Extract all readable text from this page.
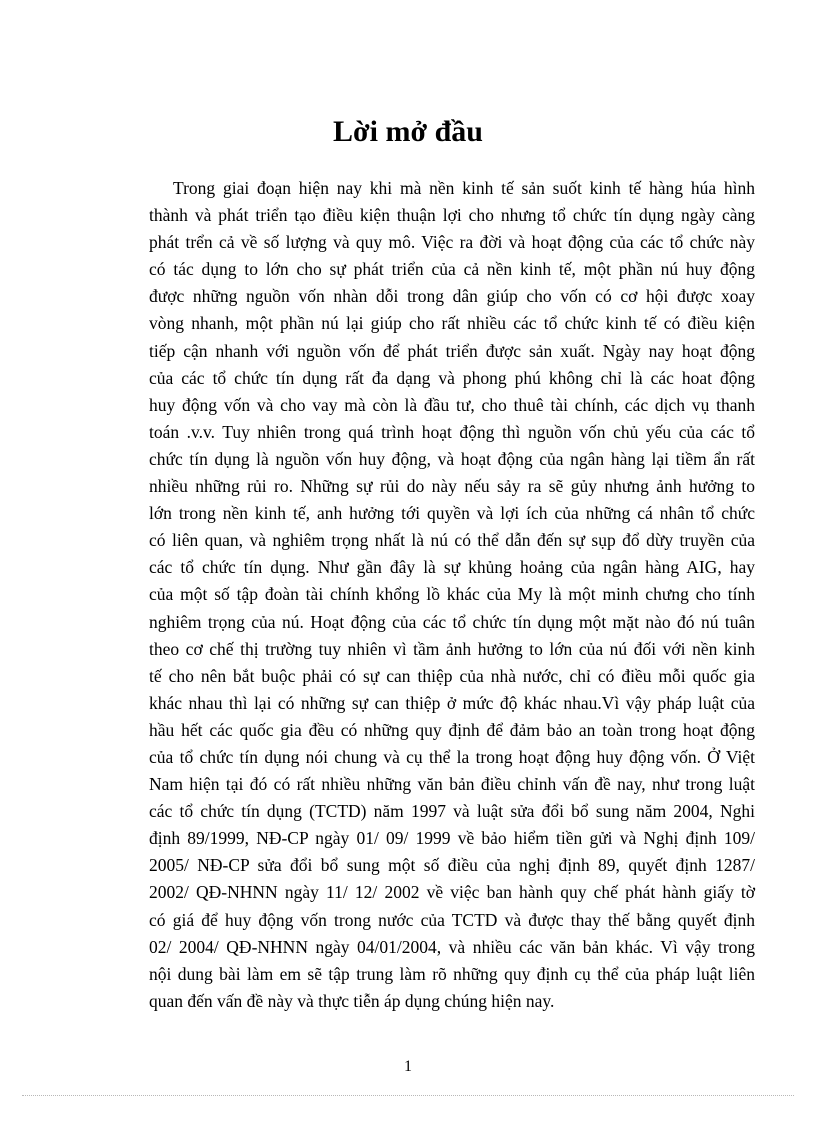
Lời mở đầu
Trong giai đoạn hiện nay khi mà nền kinh tế sản suốt kinh tế hàng húa hình
thành và phát triển tạo điều kiện thuận lợi cho nhưng tổ chức tín dụng ngày càng
phát trển cả về số lượng và quy mô. Việc ra đời và hoạt động của các tổ chức này
có tác dụng to lớn cho sự phát triển của cả nền kinh tế, một phần nú huy động
được những nguồn vốn nhàn dỗi trong dân giúp cho vốn có cơ hội được xoay
vòng nhanh, một phần nú lại giúp cho rất nhiều các tổ chức kinh tế có điều kiện
tiếp cận nhanh với nguồn vốn để phát triển được sản xuất. Ngày nay hoạt động
của các tổ chức tín dụng rất đa dạng và phong phú không chỉ là các hoat động
huy động vốn và cho vay mà còn là đầu tư, cho thuê tài chính, các dịch vụ thanh
toán .v.v. Tuy nhiên trong quá trình hoạt động thì nguồn vốn chủ yếu của các tổ
chức tín dụng là nguồn vốn huy động, và hoạt động của ngân hàng lại tiềm ẩn rất
nhiều những rủi ro. Những sự rủi do này nếu sảy ra sẽ gủy nhưng ảnh hưởng to
lớn trong nền kinh tế, anh hưởng tới quyền và lợi ích của những cá nhân tổ chức
có liên quan, và nghiêm trọng nhất là nú có thể dẫn đến sự sụp đổ dừy truyền của
các tổ chức tín dụng. Như gần đây là sự khủng hoảng của ngân hàng AIG, hay
của một số tập đoàn tài chính khổng lồ khác của My là một minh chưng cho tính
nghiêm trọng của nú. Hoạt động của các tổ chức tín dụng một mặt nào đó nú tuân
theo cơ chế thị trường tuy nhiên vì tầm ảnh hưởng to lớn của nú đối với nền kinh
tế cho nên bắt buộc phải có sự can thiệp của nhà nước, chỉ có điều mỗi quốc gia
khác nhau thì lại có những sự can thiệp ở mức độ khác nhau.Vì vậy pháp luật của
hầu hết các quốc gia đều có những quy định để đảm bảo an toàn trong hoạt động
của tổ chức tín dụng nói chung và cụ thể la trong hoạt động huy động vốn. Ở Việt
Nam hiện tại đó có rất nhiều những văn bản điều chỉnh vấn đề nay, như trong luật
các tổ chức tín dụng (TCTD) năm 1997 và luật sửa đổi bổ sung năm 2004, Nghi
định 89/1999, NĐ-CP ngày 01/ 09/ 1999 về bảo hiểm tiền gửi và Nghị định 109/
2005/ NĐ-CP sửa đổi bổ sung một số điều của nghị định 89, quyết định 1287/
2002/ QĐ-NHNN ngày 11/ 12/ 2002 về việc ban hành quy chế phát hành giấy tờ
có giá để huy động vốn trong nước của TCTD và được thay thế bằng quyết định
02/ 2004/ QĐ-NHNN ngày 04/01/2004, và nhiều các văn bản khác. Vì vậy trong
nội dung bài làm em sẽ tập trung làm rõ những quy định cụ thể của pháp luật liên
quan đến vấn đề này và thực tiễn áp dụng chúng hiện nay.
1
